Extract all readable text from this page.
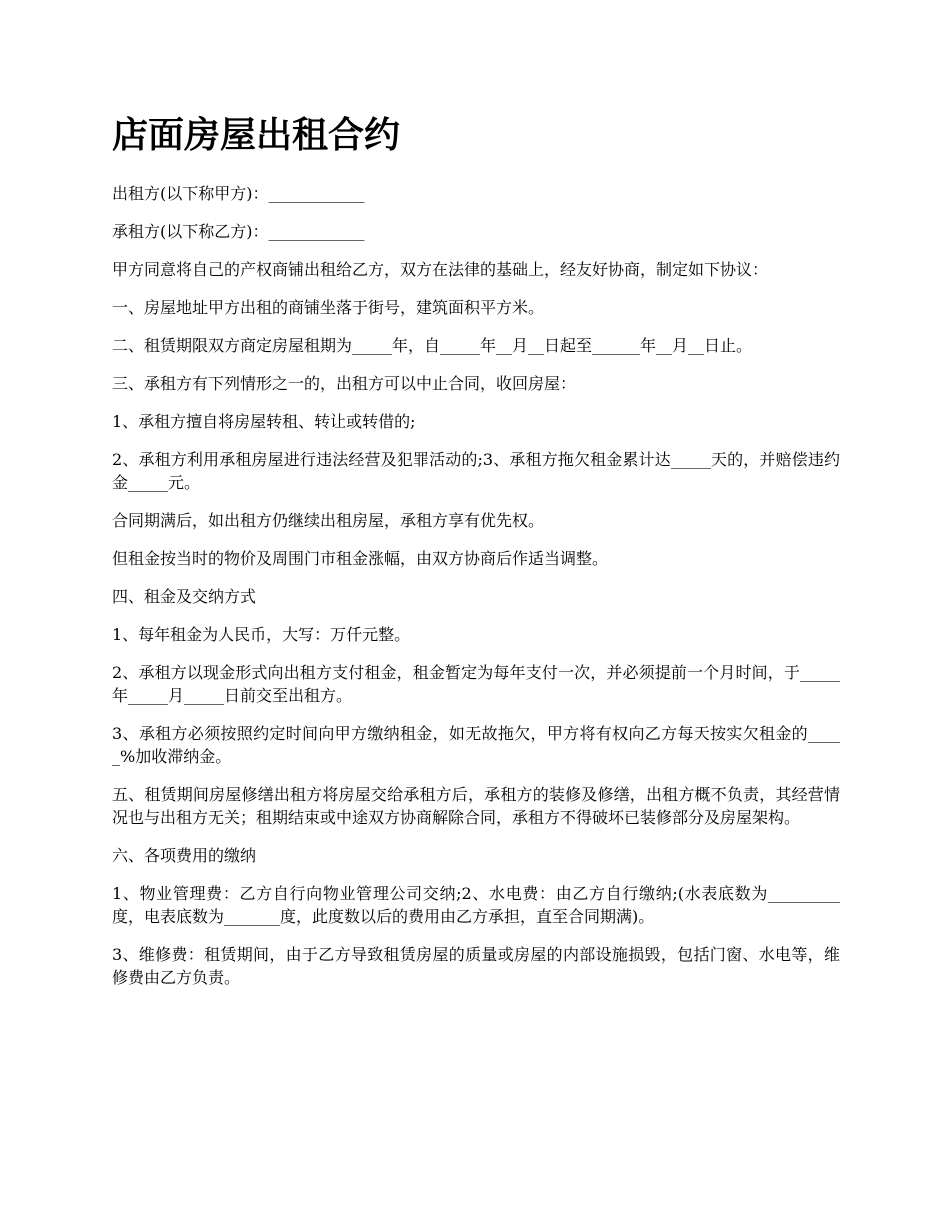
店面房屋出租合约

出租方(以下称甲方)：____________

承租方(以下称乙方)：____________

甲方同意将自己的产权商铺出租给乙方，双方在法律的基础上，经友好协商，制定如下协议：

一、房屋地址甲方出租的商铺坐落于街号，建筑面积平方米。

二、租赁期限双方商定房屋租期为_____年，自_____年__月__日起至______年__月__日止。

三、承租方有下列情形之一的，出租方可以中止合同，收回房屋：

1、承租方擅自将房屋转租、转让或转借的;

2、承租方利用承租房屋进行违法经营及犯罪活动的;3、承租方拖欠租金累计达_____天的，并赔偿违约金_____元。

合同期满后，如出租方仍继续出租房屋，承租方享有优先权。

但租金按当时的物价及周围门市租金涨幅，由双方协商后作适当调整。

四、租金及交纳方式

1、每年租金为人民币，大写：万仟元整。

2、承租方以现金形式向出租方支付租金，租金暂定为每年支付一次，并必须提前一个月时间，于_____年_____月_____日前交至出租方。

3、承租方必须按照约定时间向甲方缴纳租金，如无故拖欠，甲方将有权向乙方每天按实欠租金的_____%加收滞纳金。

五、租赁期间房屋修缮出租方将房屋交给承租方后，承租方的装修及修缮，出租方概不负责，其经营情况也与出租方无关；租期结束或中途双方协商解除合同，承租方不得破坏已装修部分及房屋架构。

六、各项费用的缴纳

1、物业管理费：乙方自行向物业管理公司交纳;2、水电费：由乙方自行缴纳;(水表底数为_________度，电表底数为_______度，此度数以后的费用由乙方承担，直至合同期满)。

3、维修费：租赁期间，由于乙方导致租赁房屋的质量或房屋的内部设施损毁，包括门窗、水电等，维修费由乙方负责。
